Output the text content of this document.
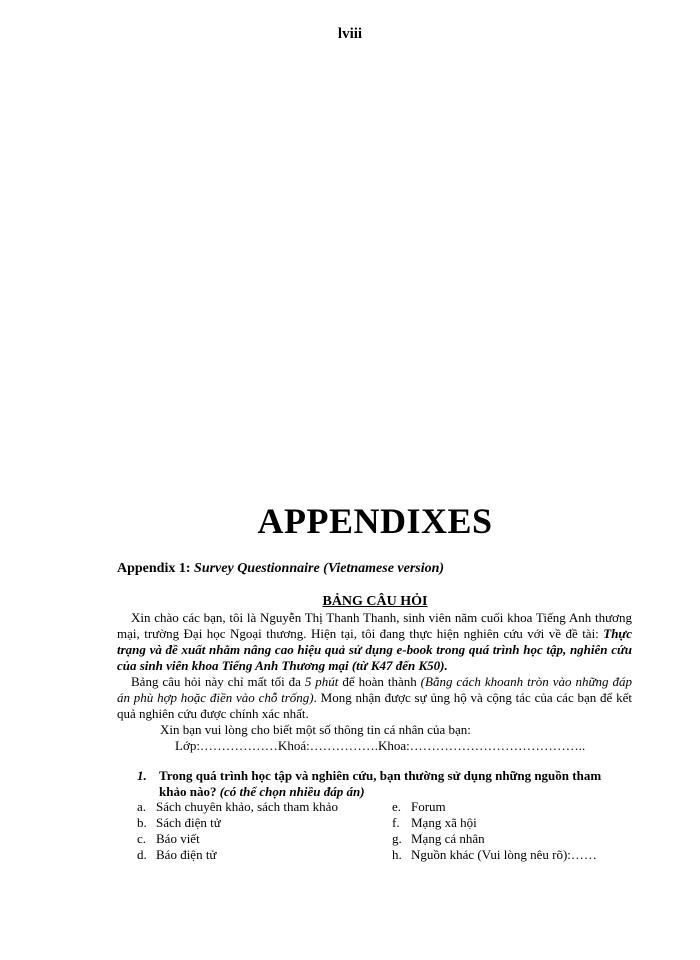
lviii
APPENDIXES
Appendix 1: Survey Questionnaire (Vietnamese version)
BẢNG CÂU HỎI

Xin chào các bạn, tôi là Nguyễn Thị Thanh Thanh, sinh viên năm cuối khoa Tiếng Anh thương mại, trường Đại học Ngoại thương. Hiện tại, tôi đang thực hiện nghiên cứu với về đề tài: Thực trạng và đề xuất nhằm nâng cao hiệu quả sử dụng e-book trong quá trình học tập, nghiên cứu của sinh viên khoa Tiếng Anh Thương mại (từ K47 đến K50).

Bảng câu hỏi này chỉ mất tối đa 5 phút để hoàn thành (Bằng cách khoanh tròn vào những đáp án phù hợp hoặc điền vào chỗ trống). Mong nhận được sự ủng hộ và cộng tác của các bạn để kết quả nghiên cứu được chính xác nhất.

Xin bạn vui lòng cho biết một số thông tin cá nhân của bạn:
Lớp:………………Khoá:…………….Khoa:…………………………………..
1. Trong quá trình học tập và nghiên cứu, bạn thường sử dụng những nguồn tham khảo nào? (có thể chọn nhiều đáp án)
a. Sách chuyên khảo, sách tham khảo
b. Sách điện tử
c. Báo viết
d. Báo điện tử
e. Forum
f. Mạng xã hội
g. Mạng cá nhân
h. Nguồn khác (Vui lòng nêu rõ):……
